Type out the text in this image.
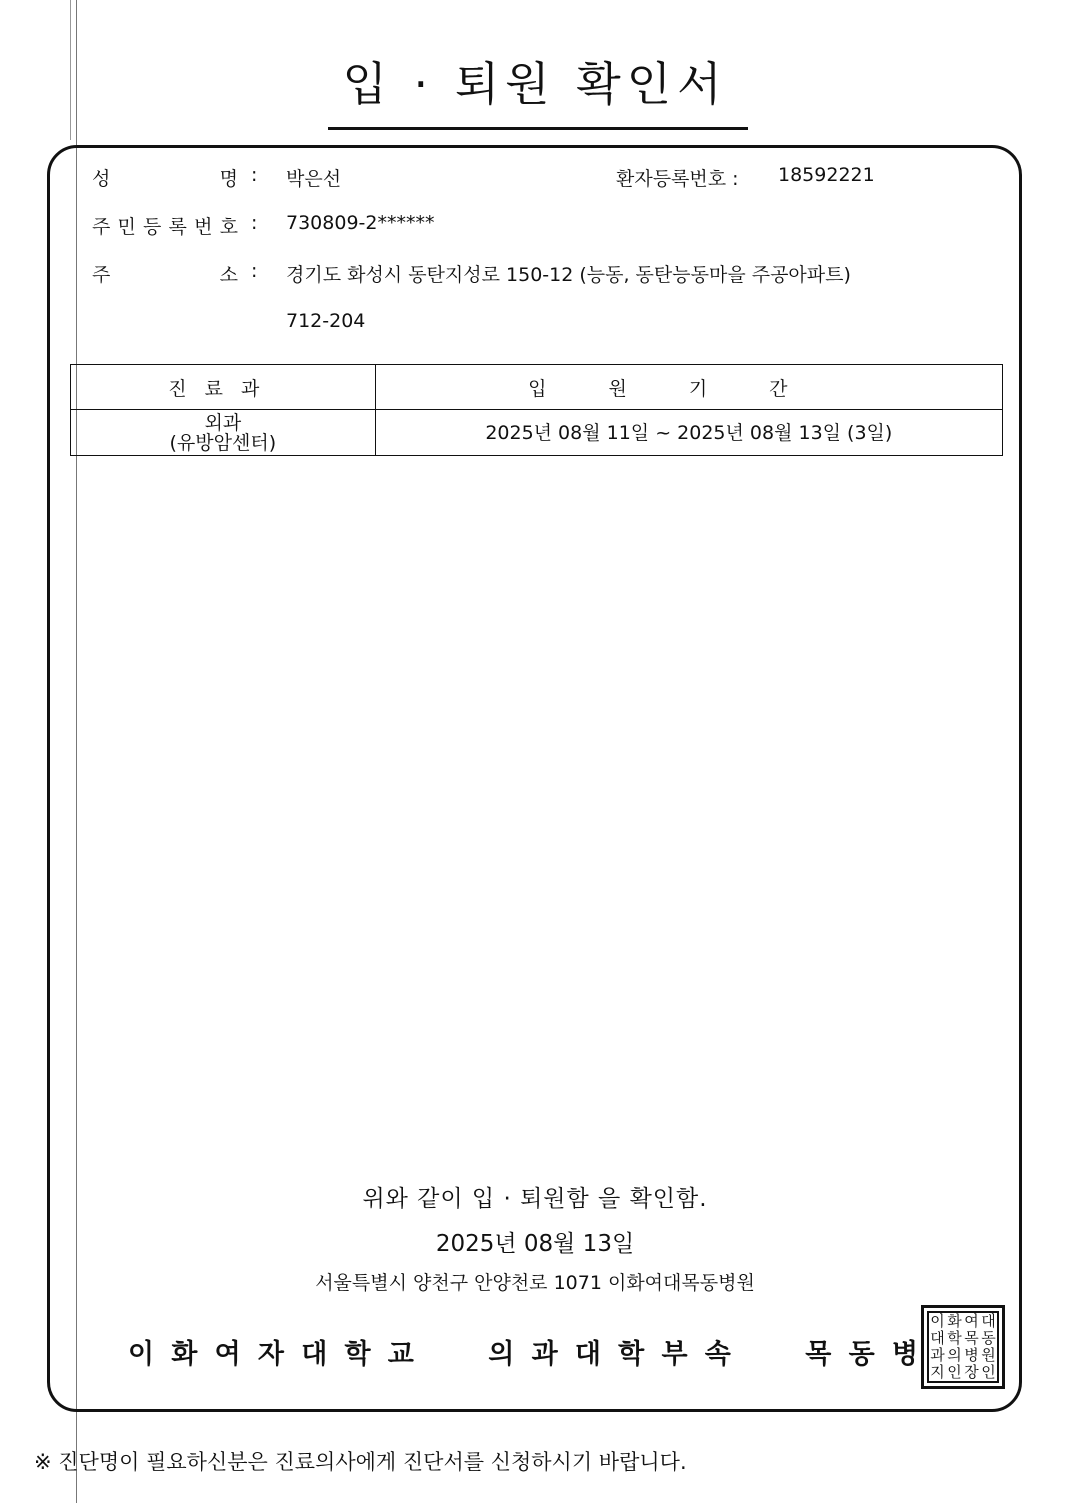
입 · 퇴원 확인서
성	명 : 박은선	환자등록번호 : 18592221
주 민 등 록 번 호 : 730809-2******
주	소 : 경기도 화성시 동탄지성로 150-12 (능동, 동탄능동마을 주공아파트)
712-204
진료과	입원기간

외과
(유방암센터)	2025년 08월 11일 ~ 2025년 08월 13일 (3일)
위와 같이 입 · 퇴원함 을 확인함.
2025년 08월 13일
서울특별시 양천구 안양천로 1071 이화여대목동병원
이 화 여 자 대 학 교	의 과 대 학 부 속	목 동 병
이 화 여 대
대 학 목 동
과 의 병 원
지 인 장 인
※ 진단명이 필요하신분은 진료의사에게 진단서를 신청하시기 바랍니다.
